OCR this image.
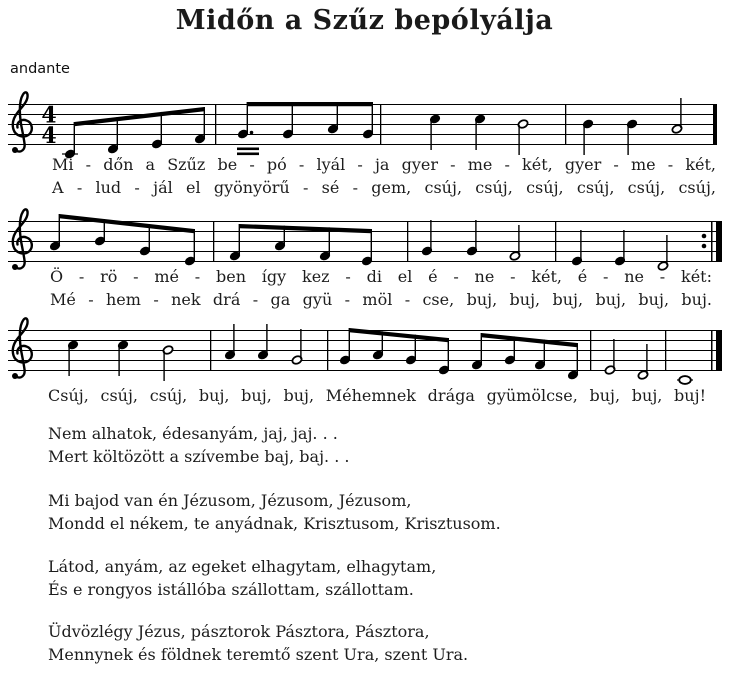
Midőn a Szűz bepólyálja
andante
4
4
Mi - dőn a Szűz be - pó - lyál - ja gyer - me - két, gyer - me - két,
A - lud - jál el gyönyörű - sé - gem, csúj, csúj, csúj, csúj, csúj, csúj,
Ö - rö - mé - ben így kez - di el é - ne - két, é - ne - két:
Mé - hem - nek drá - ga gyü - möl - cse, buj, buj, buj, buj, buj, buj.
Csúj, csúj, csúj, buj, buj, buj, Méhemnek drága gyümölcse, buj, buj, buj!
Nem alhatok, édesanyám, jaj, jaj. . .
Mert költözött a szívembe baj, baj. . .
Mi bajod van én Jézusom, Jézusom, Jézusom,
Mondd el nékem, te anyádnak, Krisztusom, Krisztusom.
Látod, anyám, az egeket elhagytam, elhagytam,
És e rongyos istállóba szállottam, szállottam.
Üdvözlégy Jézus, pásztorok Pásztora, Pásztora,
Mennynek és földnek teremtő szent Ura, szent Ura.
